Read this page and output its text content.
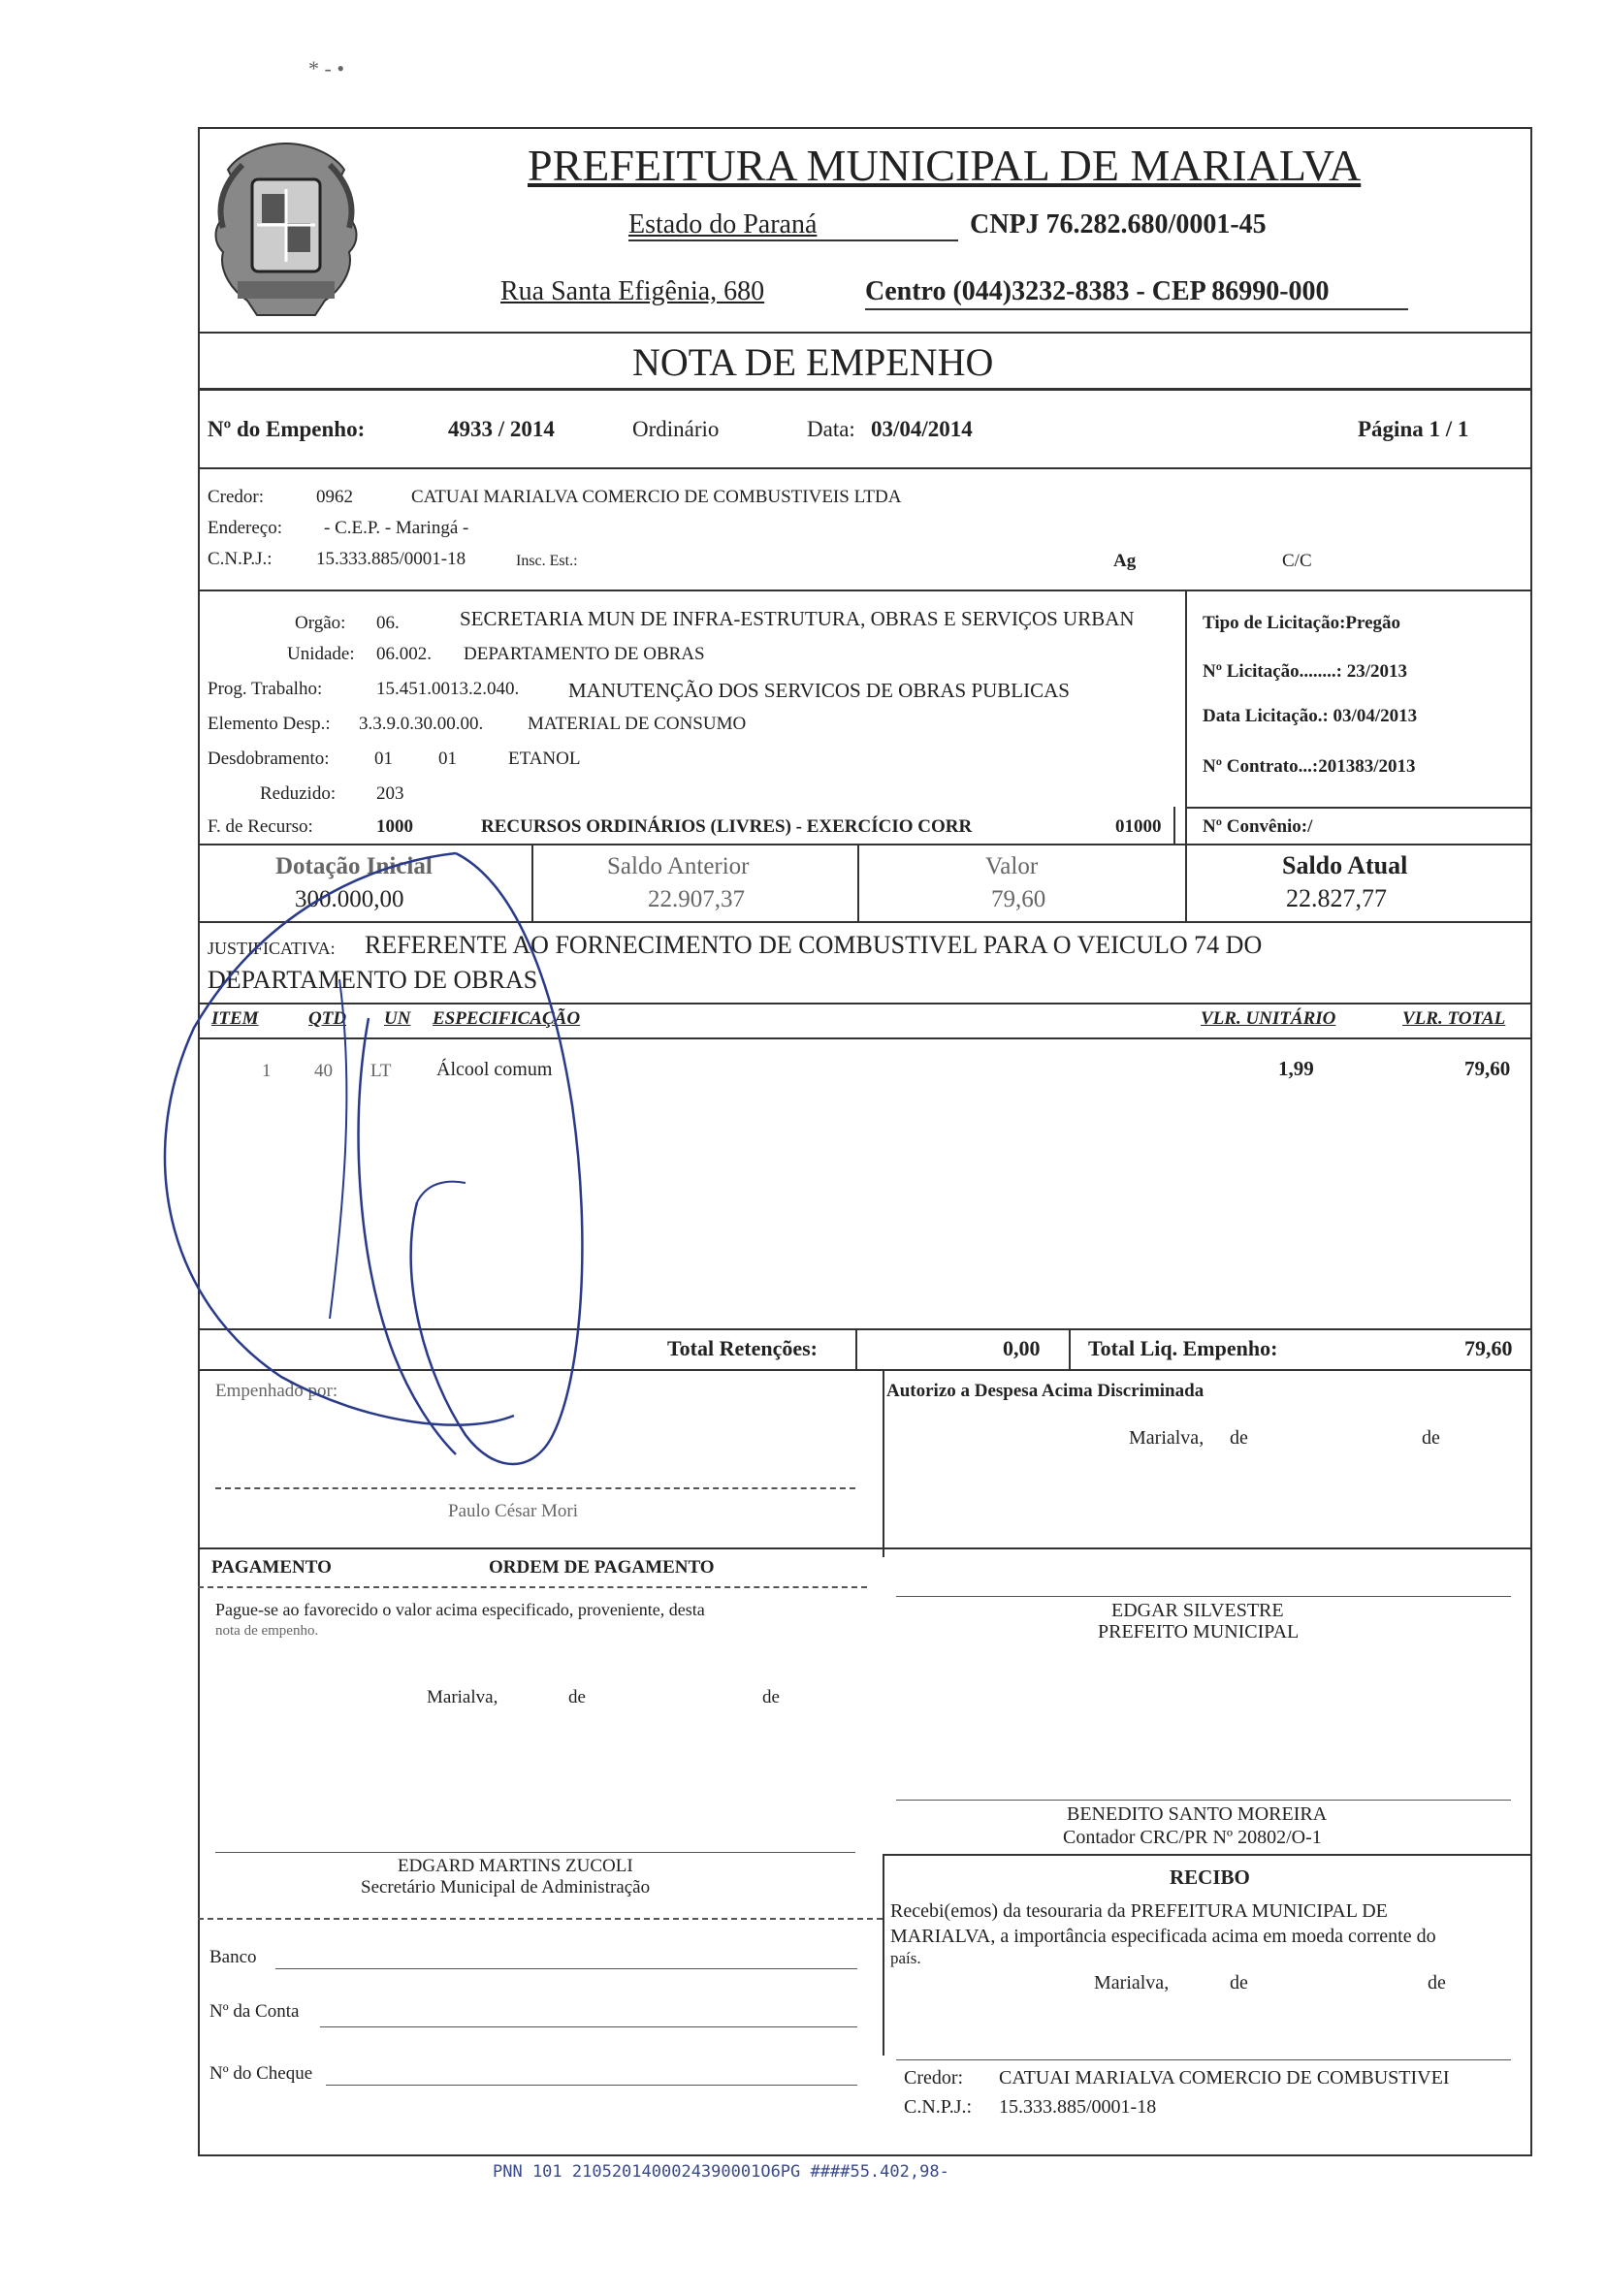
* - •
PREFEITURA MUNICIPAL DE MARIALVA
Estado do Paraná	CNPJ 76.282.680/0001-45
Rua Santa Efigênia, 680	Centro (044)3232-8383 - CEP 86990-000
NOTA DE EMPENHO
Nº do Empenho:	4933 / 2014	Ordinário	Data: 03/04/2014	Página 1 / 1
Credor:	0962	CATUAI MARIALVA COMERCIO DE COMBUSTIVEIS LTDA
Endereço: - C.E.P. - Maringá -
C.N.P.J.: 15.333.885/0001-18	Insc. Est.:	Ag	C/C
Orgão: 06.	SECRETARIA MUN DE INFRA-ESTRUTURA, OBRAS E SERVIÇOS URBAN
Unidade: 06.002. DEPARTAMENTO DE OBRAS
Prog. Trabalho:	15.451.0013.2.040. MANUTENÇÃO DOS SERVICOS DE OBRAS PUBLICAS
Elemento Desp.: 3.3.9.0.30.00.00. MATERIAL DE CONSUMO
Desdobramento: 01 01	ETANOL
Reduzido: 203
F. de Recurso:	1000	RECURSOS ORDINÁRIOS (LIVRES) - EXERCÍCIO CORR	01000
Tipo de Licitação:Pregão
Nº Licitação........: 23/2013
Data Licitação.: 03/04/2013
Nº Contrato...:201383/2013
Nº Convênio:/
Dotação Inicial
300.000,00
Saldo Anterior
22.907,37
Valor
79,60
Saldo Atual
22.827,77
JUSTIFICATIVA: REFERENTE AO FORNECIMENTO DE COMBUSTIVEL PARA O VEICULO 74 DO
DEPARTAMENTO DE OBRAS
ITEM	QTD UN ESPECIFICAÇÃO	VLR. UNITÁRIO	VLR. TOTAL
1 40 LT Álcool comum	1,99	79,60
Total Retenções:	0,00 Total Liq. Empenho:	79,60
Empenhado por:
Paulo César Mori
Autorizo a Despesa Acima Discriminada
Marialva, de	de
PAGAMENTO	ORDEM DE PAGAMENTO
Pague-se ao favorecido o valor acima especificado, proveniente, desta
nota de empenho.
Marialva,	de	de
EDGAR SILVESTRE
PREFEITO MUNICIPAL
BENEDITO SANTO MOREIRA
Contador CRC/PR Nº 20802/O-1
EDGARD MARTINS ZUCOLI
Secretário Municipal de Administração	RECIBO
Recebi(emos) da tesouraria da PREFEITURA MUNICIPAL DE
MARIALVA, a importância especificada acima em moeda corrente do
país.
Marialva,	de	de
Banco
Nº da Conta
Nº do Cheque	Credor: CATUAI MARIALVA COMERCIO DE COMBUSTIVEI
C.N.P.J.: 15.333.885/0001-18
PNN 101 2105201400024390001O6PG ####55.402,98-
